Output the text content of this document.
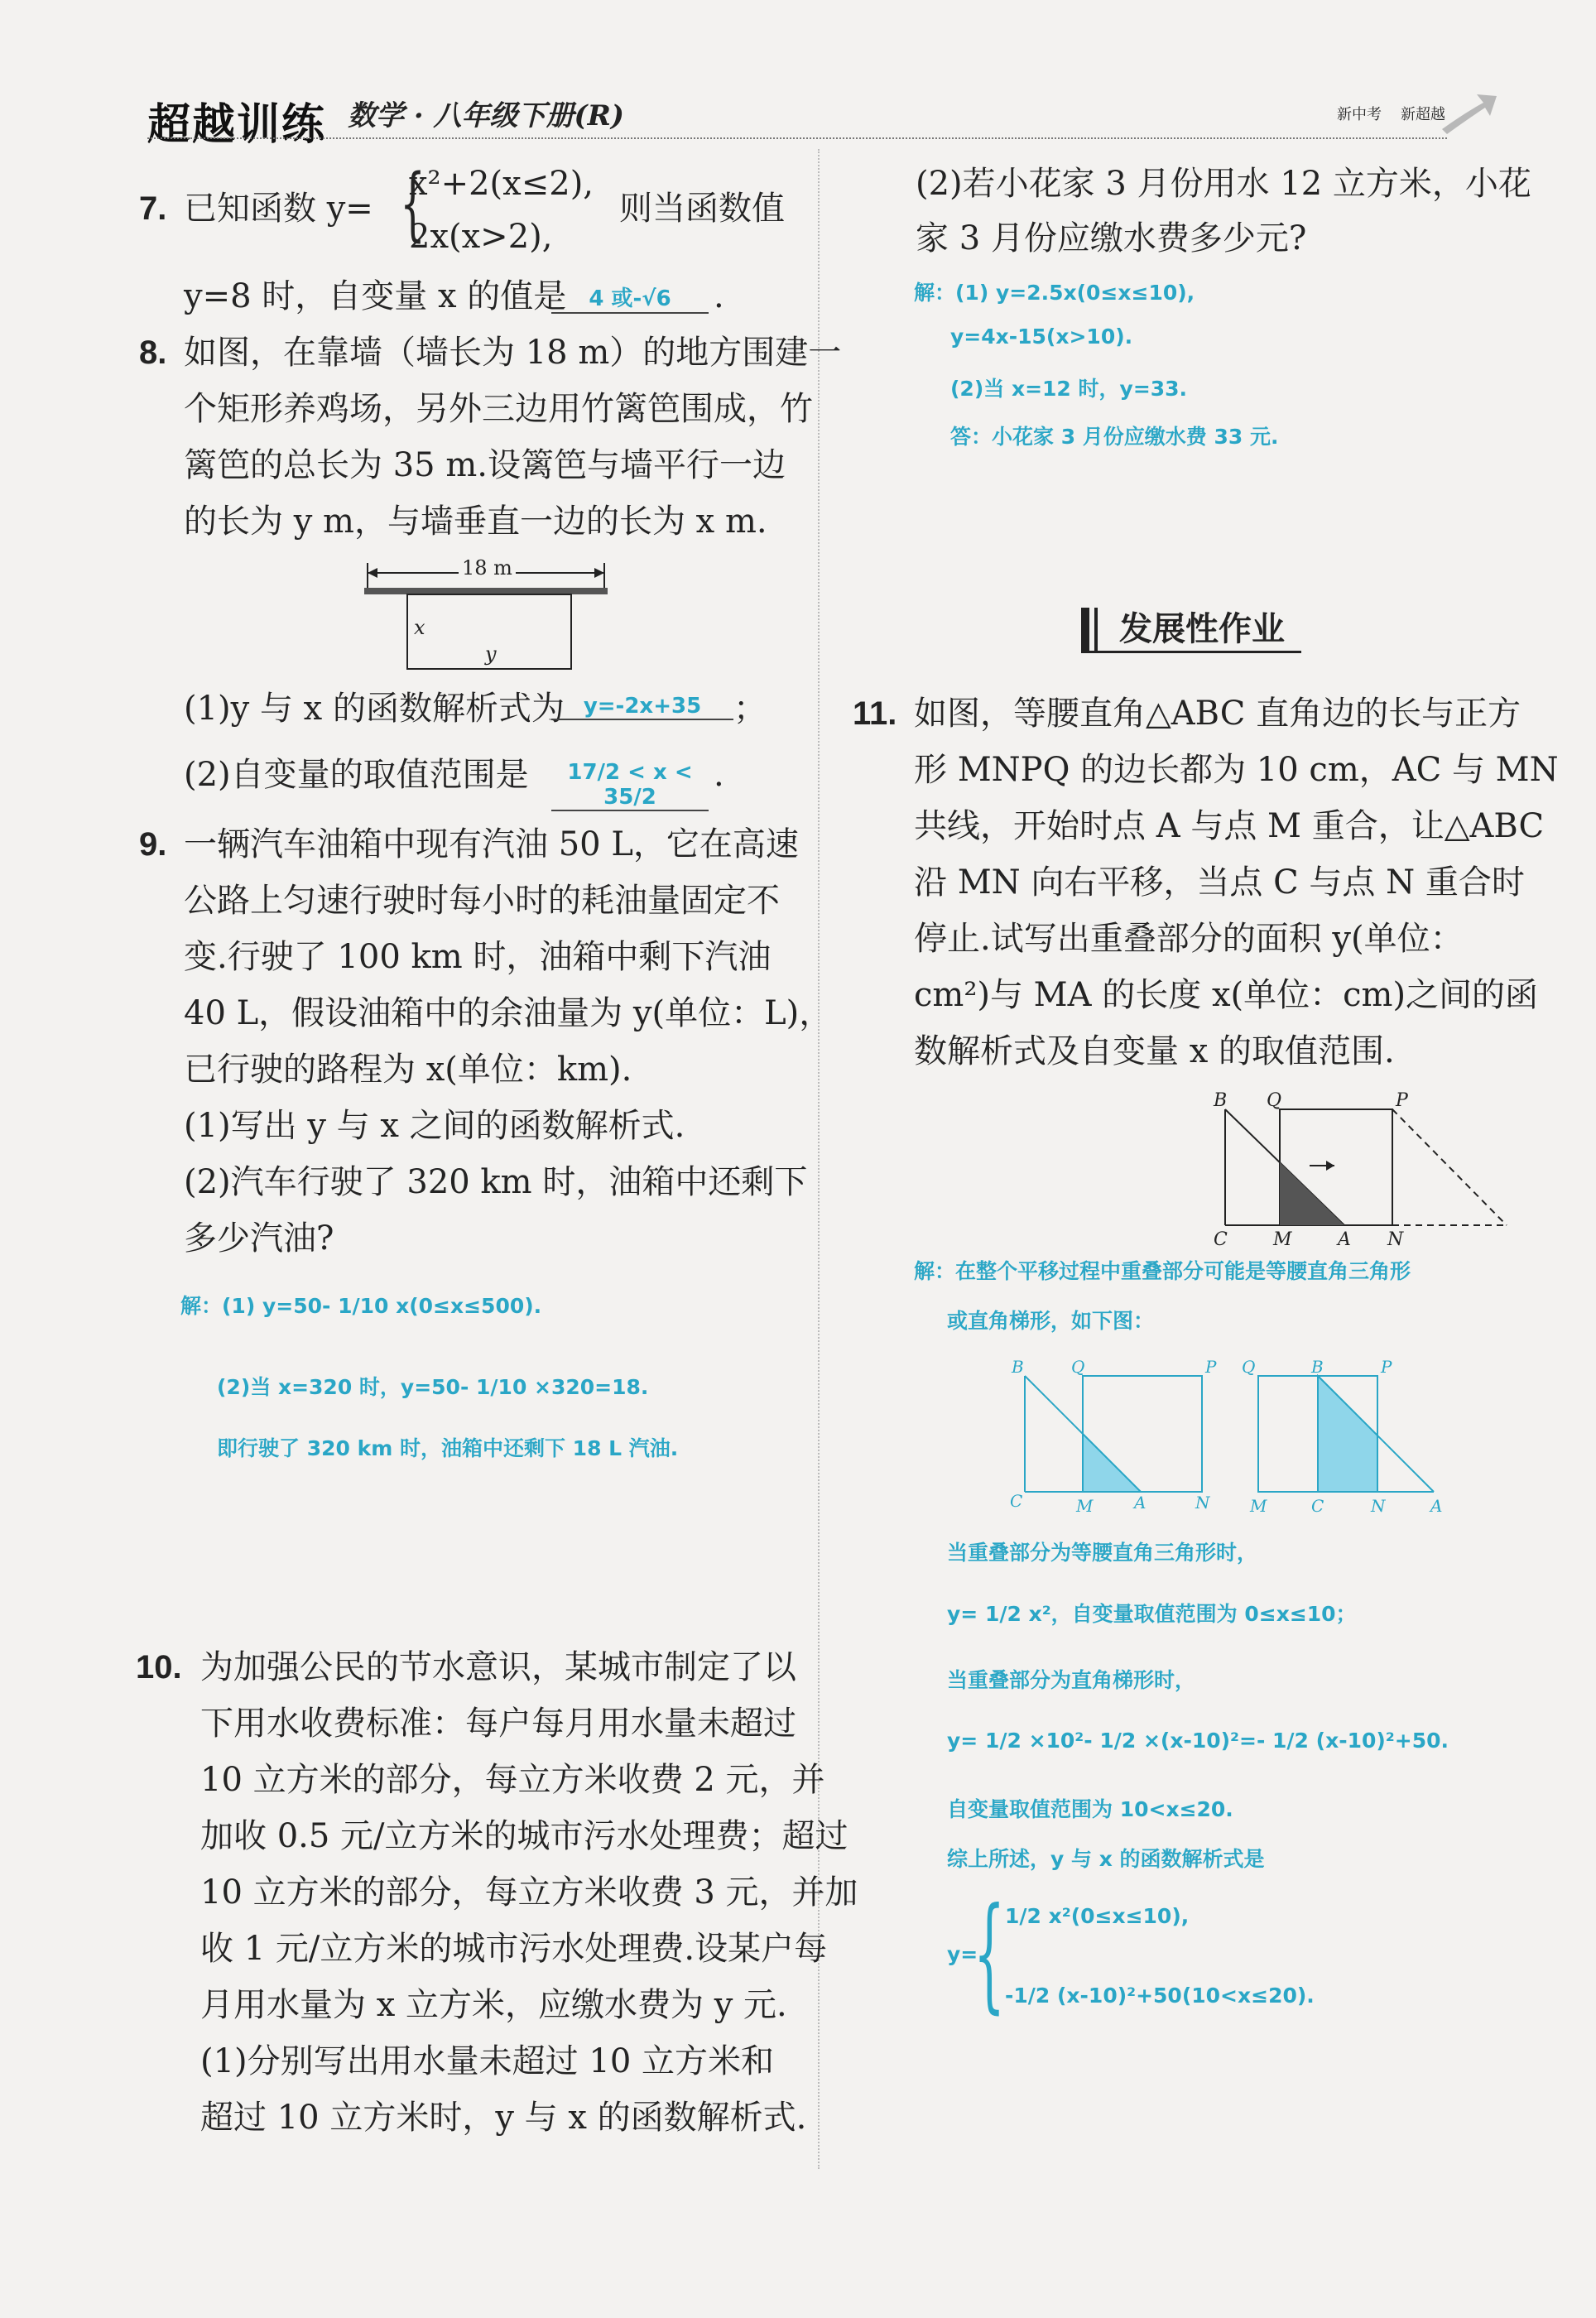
超越训练 数学 · 八年级下册(R)	新中考 新超越
7. 已知函数 y= {
x²+2(x≤2),
2x(x>2),
则当函数值
y=8 时，自变量 x 的值是	4 或-√6	.
8. 如图，在靠墙（墙长为 18 m）的地方围建一
个矩形养鸡场，另外三边用竹篱笆围成，竹
篱笆的总长为 35 m.设篱笆与墙平行一边
的长为 y m，与墙垂直一边的长为 x m.
18 m
x
y
(1)y 与 x 的函数解析式为 y=-2x+35 ；
(2)自变量的取值范围是	17/2 < x < 35/2
.
9. 一辆汽车油箱中现有汽油 50 L，它在高速
公路上匀速行驶时每小时的耗油量固定不
变.行驶了 100 km 时，油箱中剩下汽油
40 L，假设油箱中的余油量为 y(单位：L)，
已行驶的路程为 x(单位：km).
(1)写出 y 与 x 之间的函数解析式.
(2)汽车行驶了 320 km 时，油箱中还剩下
多少汽油?
解：(1) y=50- 1/10 x(0≤x≤500).
(2)当 x=320 时，y=50- 1/10 ×320=18.
即行驶了 320 km 时，油箱中还剩下 18 L 汽油.
10. 为加强公民的节水意识，某城市制定了以
下用水收费标准：每户每月用水量未超过
10 立方米的部分，每立方米收费 2 元，并
加收 0.5 元/立方米的城市污水处理费；超过
10 立方米的部分，每立方米收费 3 元，并加
收 1 元/立方米的城市污水处理费.设某户每
月用水量为 x 立方米，应缴水费为 y 元.
(1)分别写出用水量未超过 10 立方米和
超过 10 立方米时，y 与 x 的函数解析式.
(2)若小花家 3 月份用水 12 立方米，小花
家 3 月份应缴水费多少元?
解：(1) y=2.5x(0≤x≤10),
y=4x-15(x>10).
(2)当 x=12 时，y=33.
答：小花家 3 月份应缴水费 33 元.
发展性作业
11. 如图，等腰直角△ABC 直角边的长与正方
形 MNPQ 的边长都为 10 cm，AC 与 MN
共线，开始时点 A 与点 M 重合，让△ABC
沿 MN 向右平移，当点 C 与点 N 重合时
停止.试写出重叠部分的面积 y(单位：
cm²)与 MA 的长度 x(单位：cm)之间的函
数解析式及自变量 x 的取值范围.
B Q	P
C	M	A N
解：在整个平移过程中重叠部分可能是等腰直角三角形
或直角梯形，如下图：
B	Q	P
C	M A	N
Q	B	P
M	C	N	A
当重叠部分为等腰直角三角形时，
y= 1/2 x²，自变量取值范围为 0≤x≤10；
当重叠部分为直角梯形时，
y= 1/2 ×10²- 1/2 ×(x-10)²=- 1/2 (x-10)²+50.
自变量取值范围为 10<x≤20.
综上所述，y 与 x 的函数解析式是
y=
{ 1/2 x²(0≤x≤10),
-1/2 (x-10)²+50(10<x≤20).
